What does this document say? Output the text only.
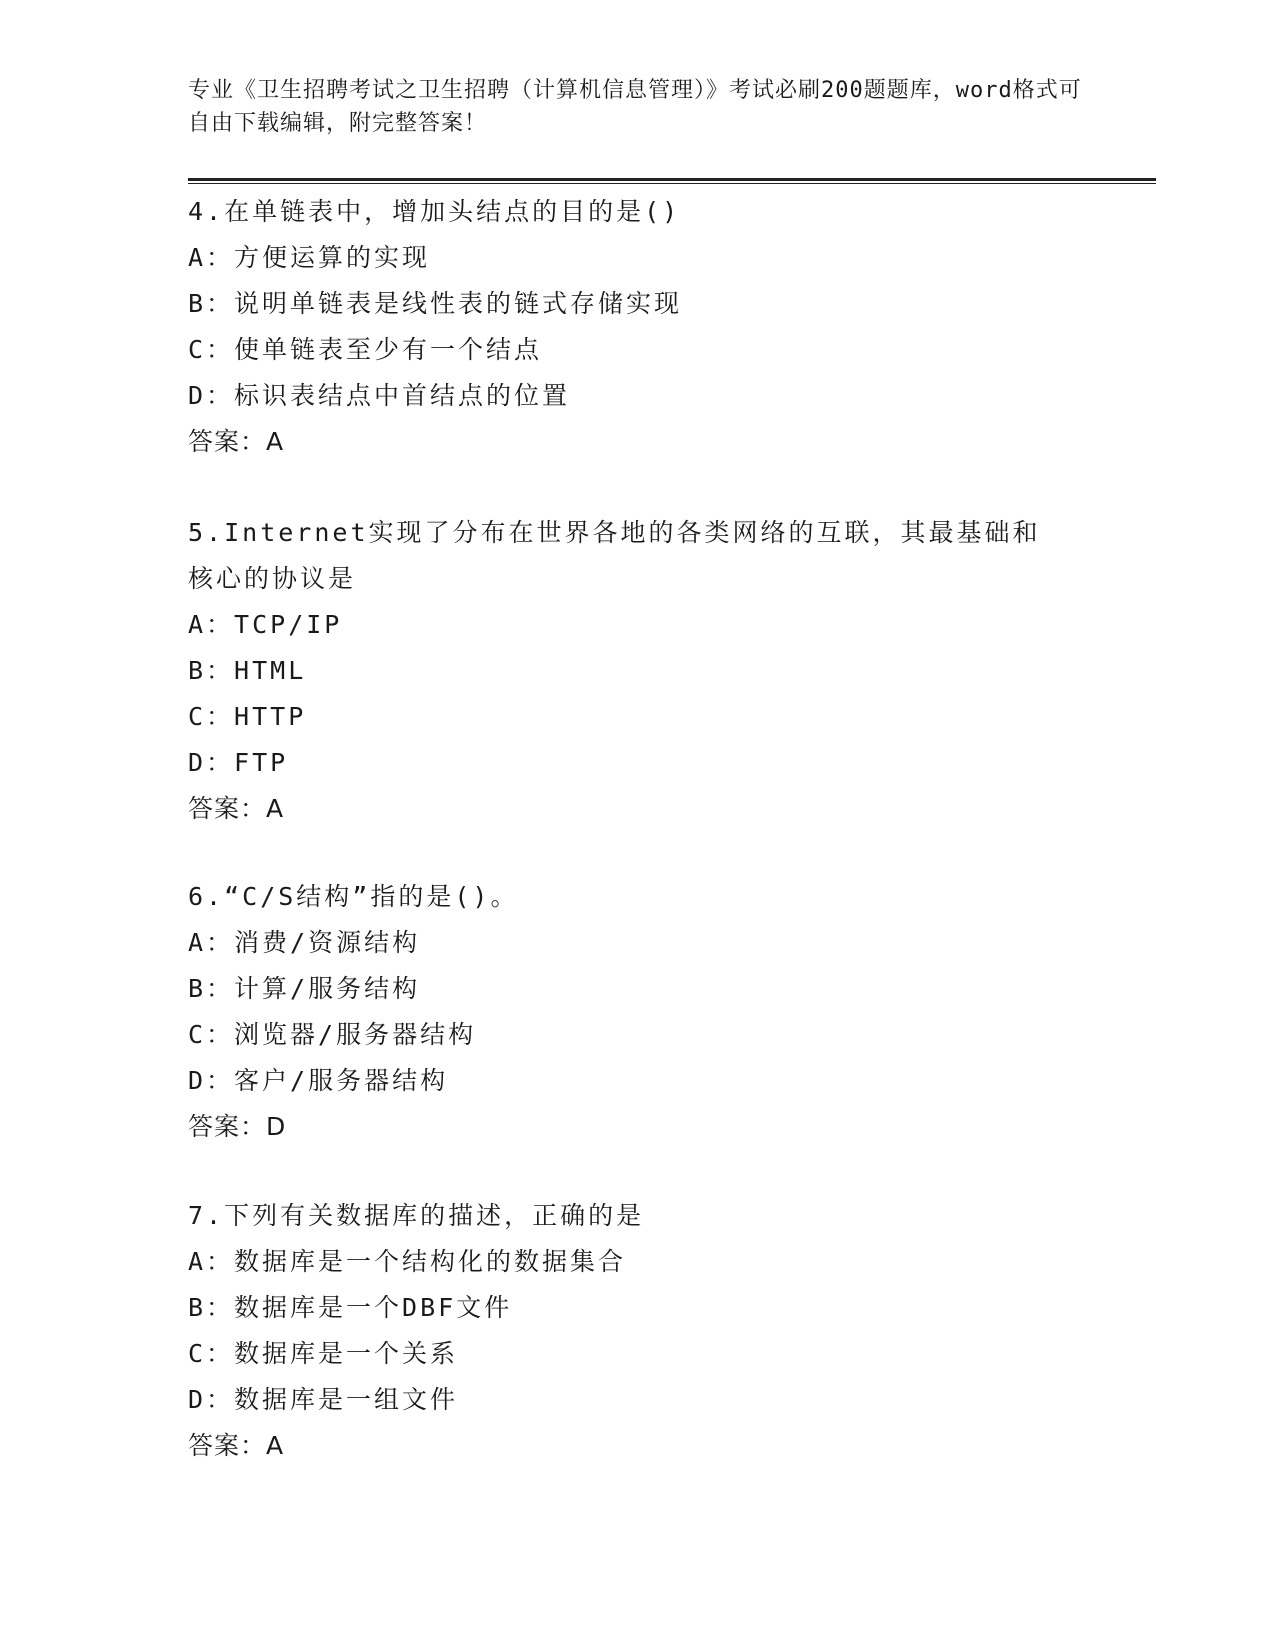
专业《卫生招聘考试之卫生招聘（计算机信息管理）》考试必刷200题题库，word格式可自由下载编辑，附完整答案！
4.在单链表中，增加头结点的目的是()
A：方便运算的实现
B：说明单链表是线性表的链式存储实现
C：使单链表至少有一个结点
D：标识表结点中首结点的位置
答案：A
5.Internet实现了分布在世界各地的各类网络的互联，其最基础和核心的协议是
A：TCP/IP
B：HTML
C：HTTP
D：FTP
答案：A
6.“C/S结构”指的是()。
A：消费/资源结构
B：计算/服务结构
C：浏览器/服务器结构
D：客户/服务器结构
答案：D
7.下列有关数据库的描述，正确的是
A：数据库是一个结构化的数据集合
B：数据库是一个DBF文件
C：数据库是一个关系
D：数据库是一组文件
答案：A
